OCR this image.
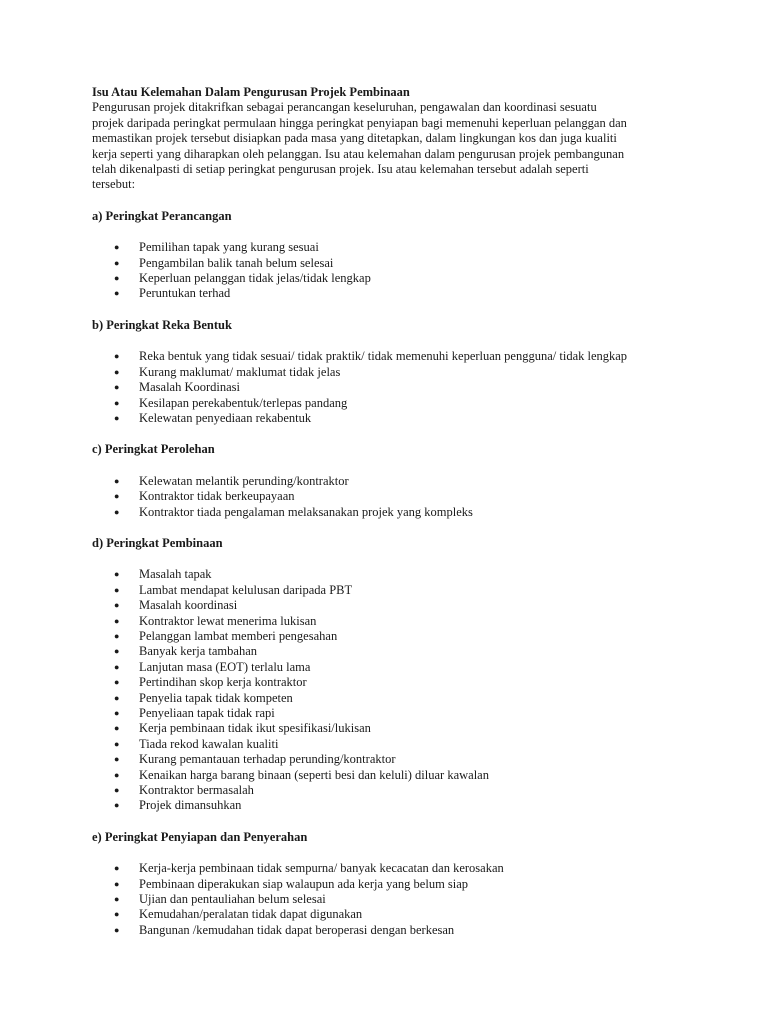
Isu Atau Kelemahan Dalam Pengurusan Projek Pembinaan

Pengurusan projek ditakrifkan sebagai perancangan keseluruhan, pengawalan dan koordinasi sesuatu
projek daripada peringkat permulaan hingga peringkat penyiapan bagi memenuhi keperluan pelanggan dan
memastikan projek tersebut disiapkan pada masa yang ditetapkan, dalam lingkungan kos dan juga kualiti
kerja seperti yang diharapkan oleh pelanggan. Isu atau kelemahan dalam pengurusan projek pembangunan
telah dikenalpasti di setiap peringkat pengurusan projek. Isu atau kelemahan tersebut adalah seperti
tersebut:

a) Peringkat Perancangan

● Pemilihan tapak yang kurang sesuai
● Pengambilan balik tanah belum selesai
● Keperluan pelanggan tidak jelas/tidak lengkap
● Peruntukan terhad

b) Peringkat Reka Bentuk

● Reka bentuk yang tidak sesuai/ tidak praktik/ tidak memenuhi keperluan pengguna/ tidak lengkap
● Kurang maklumat/ maklumat tidak jelas
● Masalah Koordinasi
● Kesilapan perekabentuk/terlepas pandang
● Kelewatan penyediaan rekabentuk

c) Peringkat Perolehan

● Kelewatan melantik perunding/kontraktor
● Kontraktor tidak berkeupayaan
● Kontraktor tiada pengalaman melaksanakan projek yang kompleks

d) Peringkat Pembinaan

● Masalah tapak
● Lambat mendapat kelulusan daripada PBT
● Masalah koordinasi
● Kontraktor lewat menerima lukisan
● Pelanggan lambat memberi pengesahan
● Banyak kerja tambahan
● Lanjutan masa (EOT) terlalu lama
● Pertindihan skop kerja kontraktor
● Penyelia tapak tidak kompeten
● Penyeliaan tapak tidak rapi
● Kerja pembinaan tidak ikut spesifikasi/lukisan
● Tiada rekod kawalan kualiti
● Kurang pemantauan terhadap perunding/kontraktor
● Kenaikan harga barang binaan (seperti besi dan keluli) diluar kawalan
● Kontraktor bermasalah
● Projek dimansuhkan

e) Peringkat Penyiapan dan Penyerahan

● Kerja-kerja pembinaan tidak sempurna/ banyak kecacatan dan kerosakan
● Pembinaan diperakukan siap walaupun ada kerja yang belum siap
● Ujian dan pentauliahan belum selesai
● Kemudahan/peralatan tidak dapat digunakan
● Bangunan /kemudahan tidak dapat beroperasi dengan berkesan
